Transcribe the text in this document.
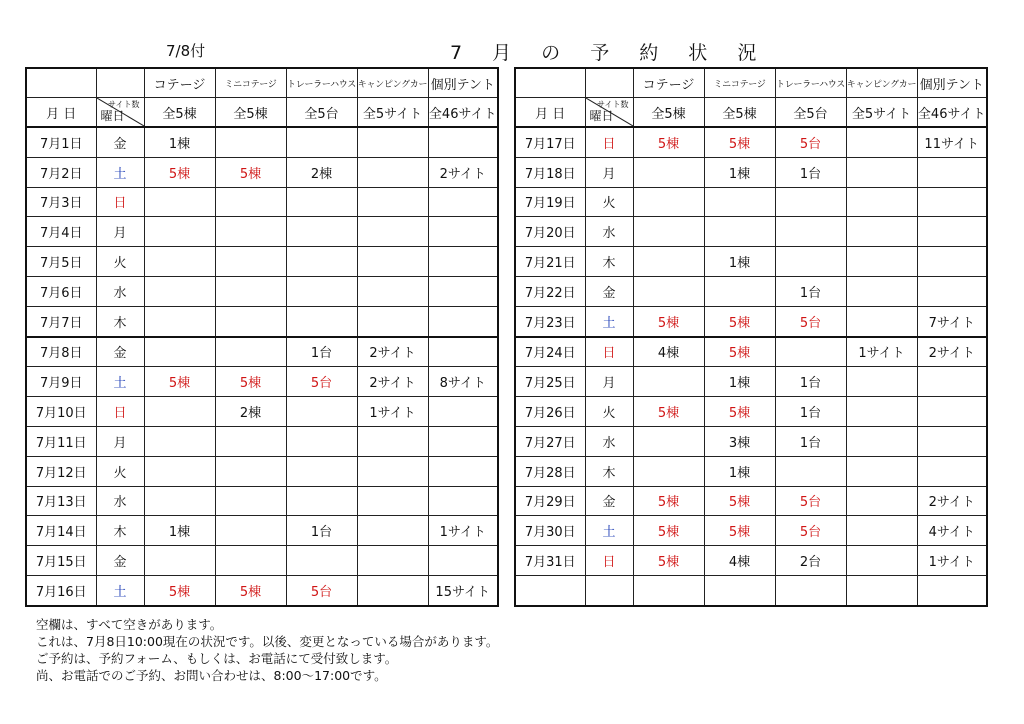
7/8付	7 月 の 予 約 状 況
		コテージ	ミニコテージ	トレーラーハウス	キャンピングカー	個別テント
月 日	サイト数
曜日	全5棟	全5棟	全5台	全5サイト	全46サイト
7月1日	金	1棟				
7月2日	土	5棟	5棟	2棟		2サイト
7月3日	日					
7月4日	月					
7月5日	火					
7月6日	水					
7月7日	木					
7月8日	金			1台	2サイト	
7月9日	土	5棟	5棟	5台	2サイト	8サイト
7月10日	日		2棟		1サイト	
7月11日	月					
7月12日	火					
7月13日	水					
7月14日	木	1棟		1台		1サイト
7月15日	金					
7月16日	土	5棟	5棟	5台		15サイト
		コテージ	ミニコテージ	トレーラーハウス	キャンピングカー	個別テント
月 日	サイト数
曜日	全5棟	全5棟	全5台	全5サイト	全46サイト
7月17日	日	5棟	5棟	5台		11サイト
7月18日	月		1棟	1台		
7月19日	火					
7月20日	水					
7月21日	木		1棟			
7月22日	金			1台		
7月23日	土	5棟	5棟	5台		7サイト
7月24日	日	4棟	5棟		1サイト	2サイト
7月25日	月		1棟	1台		
7月26日	火	5棟	5棟	1台		
7月27日	水		3棟	1台		
7月28日	木		1棟			
7月29日	金	5棟	5棟	5台		2サイト
7月30日	土	5棟	5棟	5台		4サイト
7月31日	日	5棟	4棟	2台		1サイト

空欄は、すべて空きがあります。
これは、7月8日10:00現在の状況です。以後、変更となっている場合があります。
ご予約は、予約フォーム、もしくは、お電話にて受付致します。
尚、お電話でのご予約、お問い合わせは、8:00〜17:00です。
